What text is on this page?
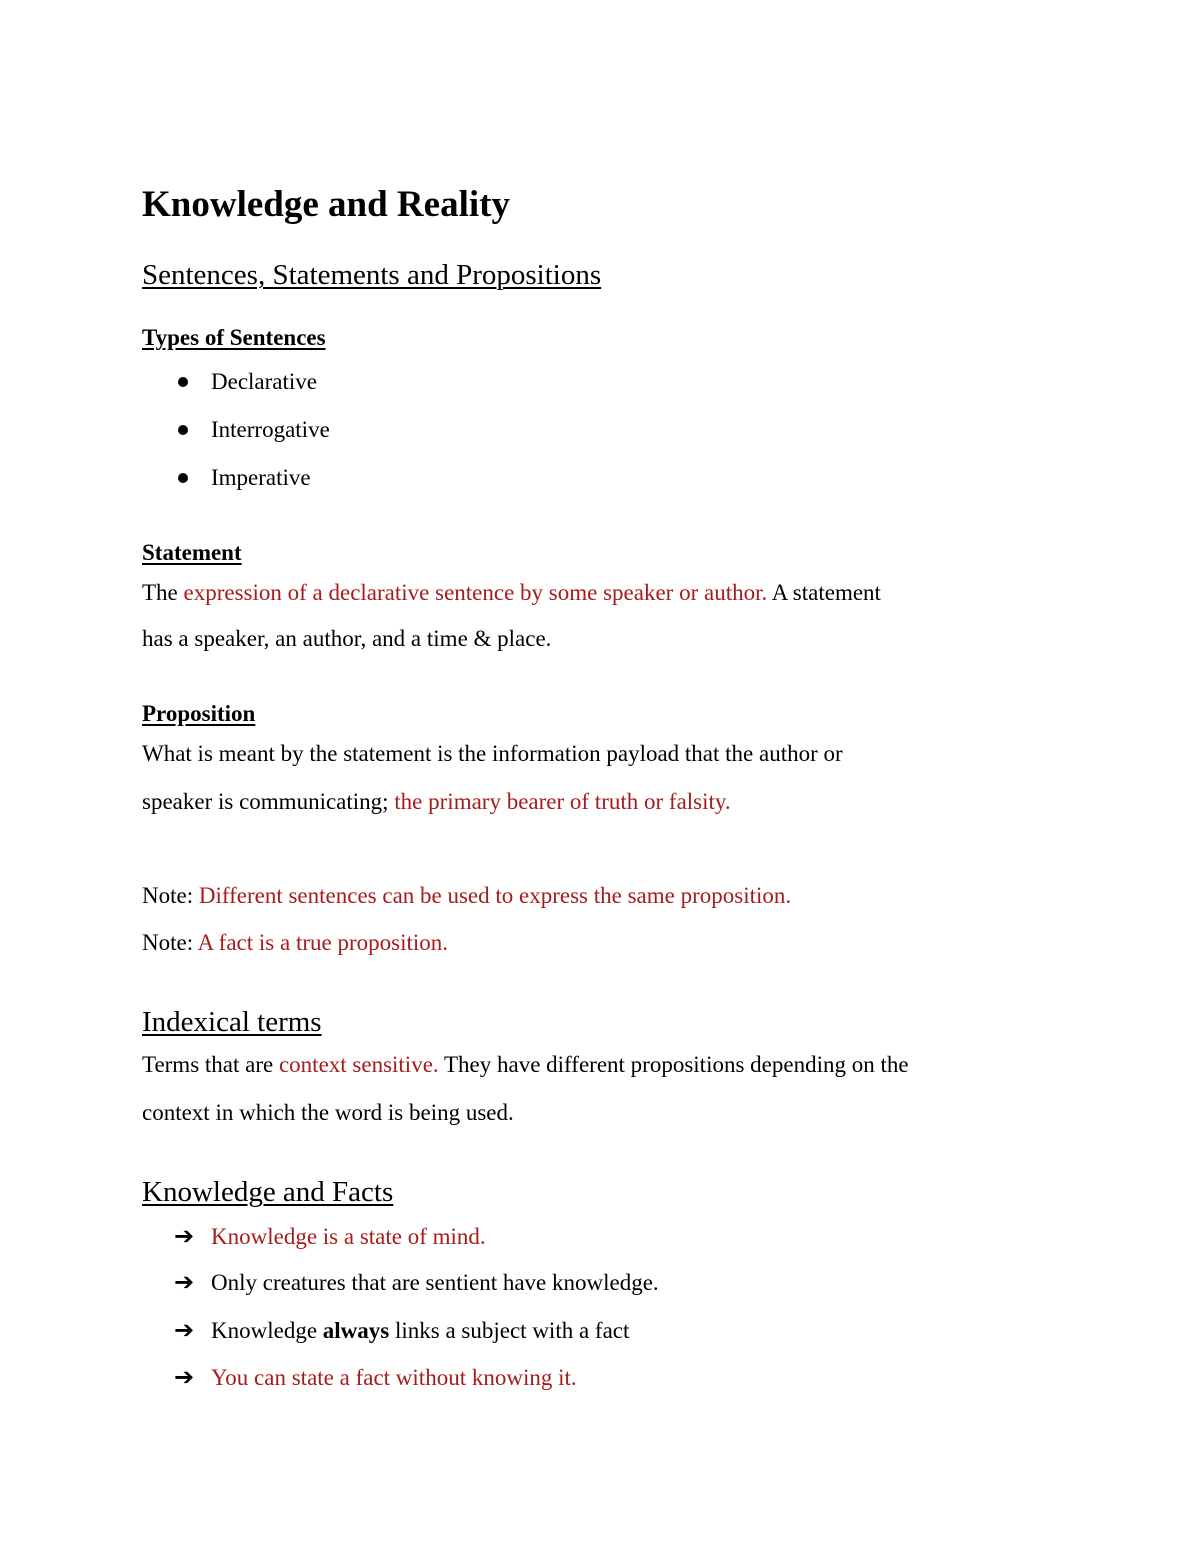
Knowledge and Reality
Sentences, Statements and Propositions
Types of Sentences
Declarative
Interrogative
Imperative
Statement
The expression of a declarative sentence by some speaker or author. A statement
has a speaker, an author, and a time & place.
Proposition
What is meant by the statement is the information payload that the author or
speaker is communicating; the primary bearer of truth or falsity.
Note: Different sentences can be used to express the same proposition.
Note: A fact is a true proposition.
Indexical terms
Terms that are context sensitive. They have different propositions depending on the
context in which the word is being used.
Knowledge and Facts
➔ Knowledge is a state of mind.
➔ Only creatures that are sentient have knowledge.
➔ Knowledge always links a subject with a fact
➔ You can state a fact without knowing it.
